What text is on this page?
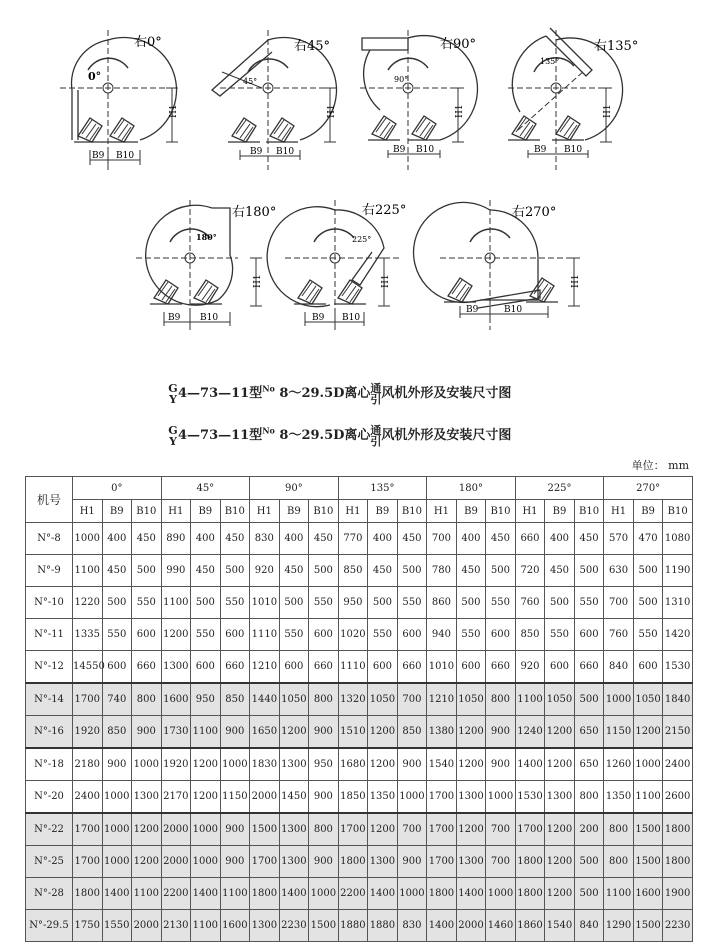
右0°
0°
H1
B9 B10
右45°
45°
H1
B9 B10
右90°
90°
H1
B9 B10
右135°
135°
H1
B9 B10
右180°
180°
H1
B9 B10
右225°
225°
H1
B9 B10
右270°
H1
B9	B10
G
Y4—73—11型$^{No}$ 8～29.5D离心通
引风机外形及安装尺寸图
G
Y4—73—11型$^{No}$ 8～29.5D离心通
引风机外形及安装尺寸图
单位： mm
机号	0°			45°			90°			135°			180°			225°			270°		
	H1	B9	B10	H1	B9	B10	H1	B9	B10	H1	B9	B10	H1	B9	B10	H1	B9	B10	H1	B9	B10
N°-8	1000	400	450	890	400	450	830	400	450	770	400	450	700	400	450	660	400	450	570	470	1080
N°-9	1100	450	500	990	450	500	920	450	500	850	450	500	780	450	500	720	450	500	630	500	1190
N°-10	1220	500	550	1100	500	550	1010	500	550	950	500	550	860	500	550	760	500	550	700	500	1310
N°-11	1335	550	600	1200	550	600	1110	550	600	1020	550	600	940	550	600	850	550	600	760	550	1420
N°-12	14550	600	660	1300	600	660	1210	600	660	1110	600	660	1010	600	660	920	600	660	840	600	1530
N°-14	1700	740	800	1600	950	850	1440	1050	800	1320	1050	700	1210	1050	800	1100	1050	500	1000	1050	1840
N°-16	1920	850	900	1730	1100	900	1650	1200	900	1510	1200	850	1380	1200	900	1240	1200	650	1150	1200	2150
N°-18	2180	900	1000	1920	1200	1000	1830	1300	950	1680	1200	900	1540	1200	900	1400	1200	650	1260	1000	2400
N°-20	2400	1000	1300	2170	1200	1150	2000	1450	900	1850	1350	1000	1700	1300	1000	1530	1300	800	1350	1100	2600
N°-22	1700	1000	1200	2000	1000	900	1500	1300	800	1700	1200	700	1700	1200	700	1700	1200	200	800	1500	1800
N°-25	1700	1000	1200	2000	1000	900	1700	1300	900	1800	1300	900	1700	1300	700	1800	1200	500	800	1500	1800
N°-28	1800	1400	1100	2200	1400	1100	1800	1400	1000	2200	1400	1000	1800	1400	1000	1800	1200	500	1100	1600	1900
N°-29.5	1750	1550	2000	2130	1100	1600	1300	2230	1500	1880	1880	830	1400	2000	1460	1860	1540	840	1290	1500	2230
